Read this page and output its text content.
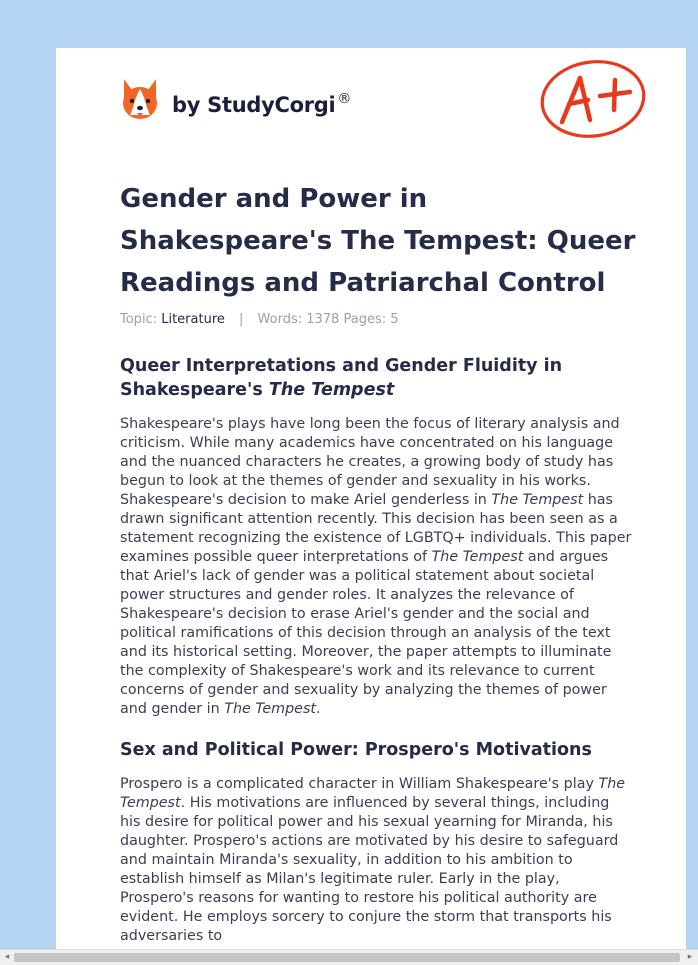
by StudyCorgi ®
Gender and Power in Shakespeare's The Tempest: Queer Readings and Patriarchal Control
Topic: Literature | Words: 1378 Pages: 5
Queer Interpretations and Gender Fluidity in Shakespeare's The Tempest

Shakespeare's plays have long been the focus of literary analysis and criticism. While many academics have concentrated on his language and the nuanced characters he creates, a growing body of study has begun to look at the themes of gender and sexuality in his works. Shakespeare's decision to make Ariel genderless in The Tempest has drawn significant attention recently. This decision has been seen as a statement recognizing the existence of LGBTQ+ individuals. This paper examines possible queer interpretations of The Tempest and argues that Ariel's lack of gender was a political statement about societal power structures and gender roles. It analyzes the relevance of Shakespeare's decision to erase Ariel's gender and the social and political ramifications of this decision through an analysis of the text and its historical setting. Moreover, the paper attempts to illuminate the complexity of Shakespeare's work and its relevance to current concerns of gender and sexuality by analyzing the themes of power and gender in The Tempest.

Sex and Political Power: Prospero's Motivations

Prospero is a complicated character in William Shakespeare's play The Tempest. His motivations are influenced by several things, including his desire for political power and his sexual yearning for Miranda, his daughter. Prospero's actions are motivated by his desire to safeguard and maintain Miranda's sexuality, in addition to his ambition to establish himself as Milan's legitimate ruler. Early in the play, Prospero's reasons for wanting to restore his political authority are evident. He employs sorcery to conjure the storm that transports his adversaries to

◂	▸
